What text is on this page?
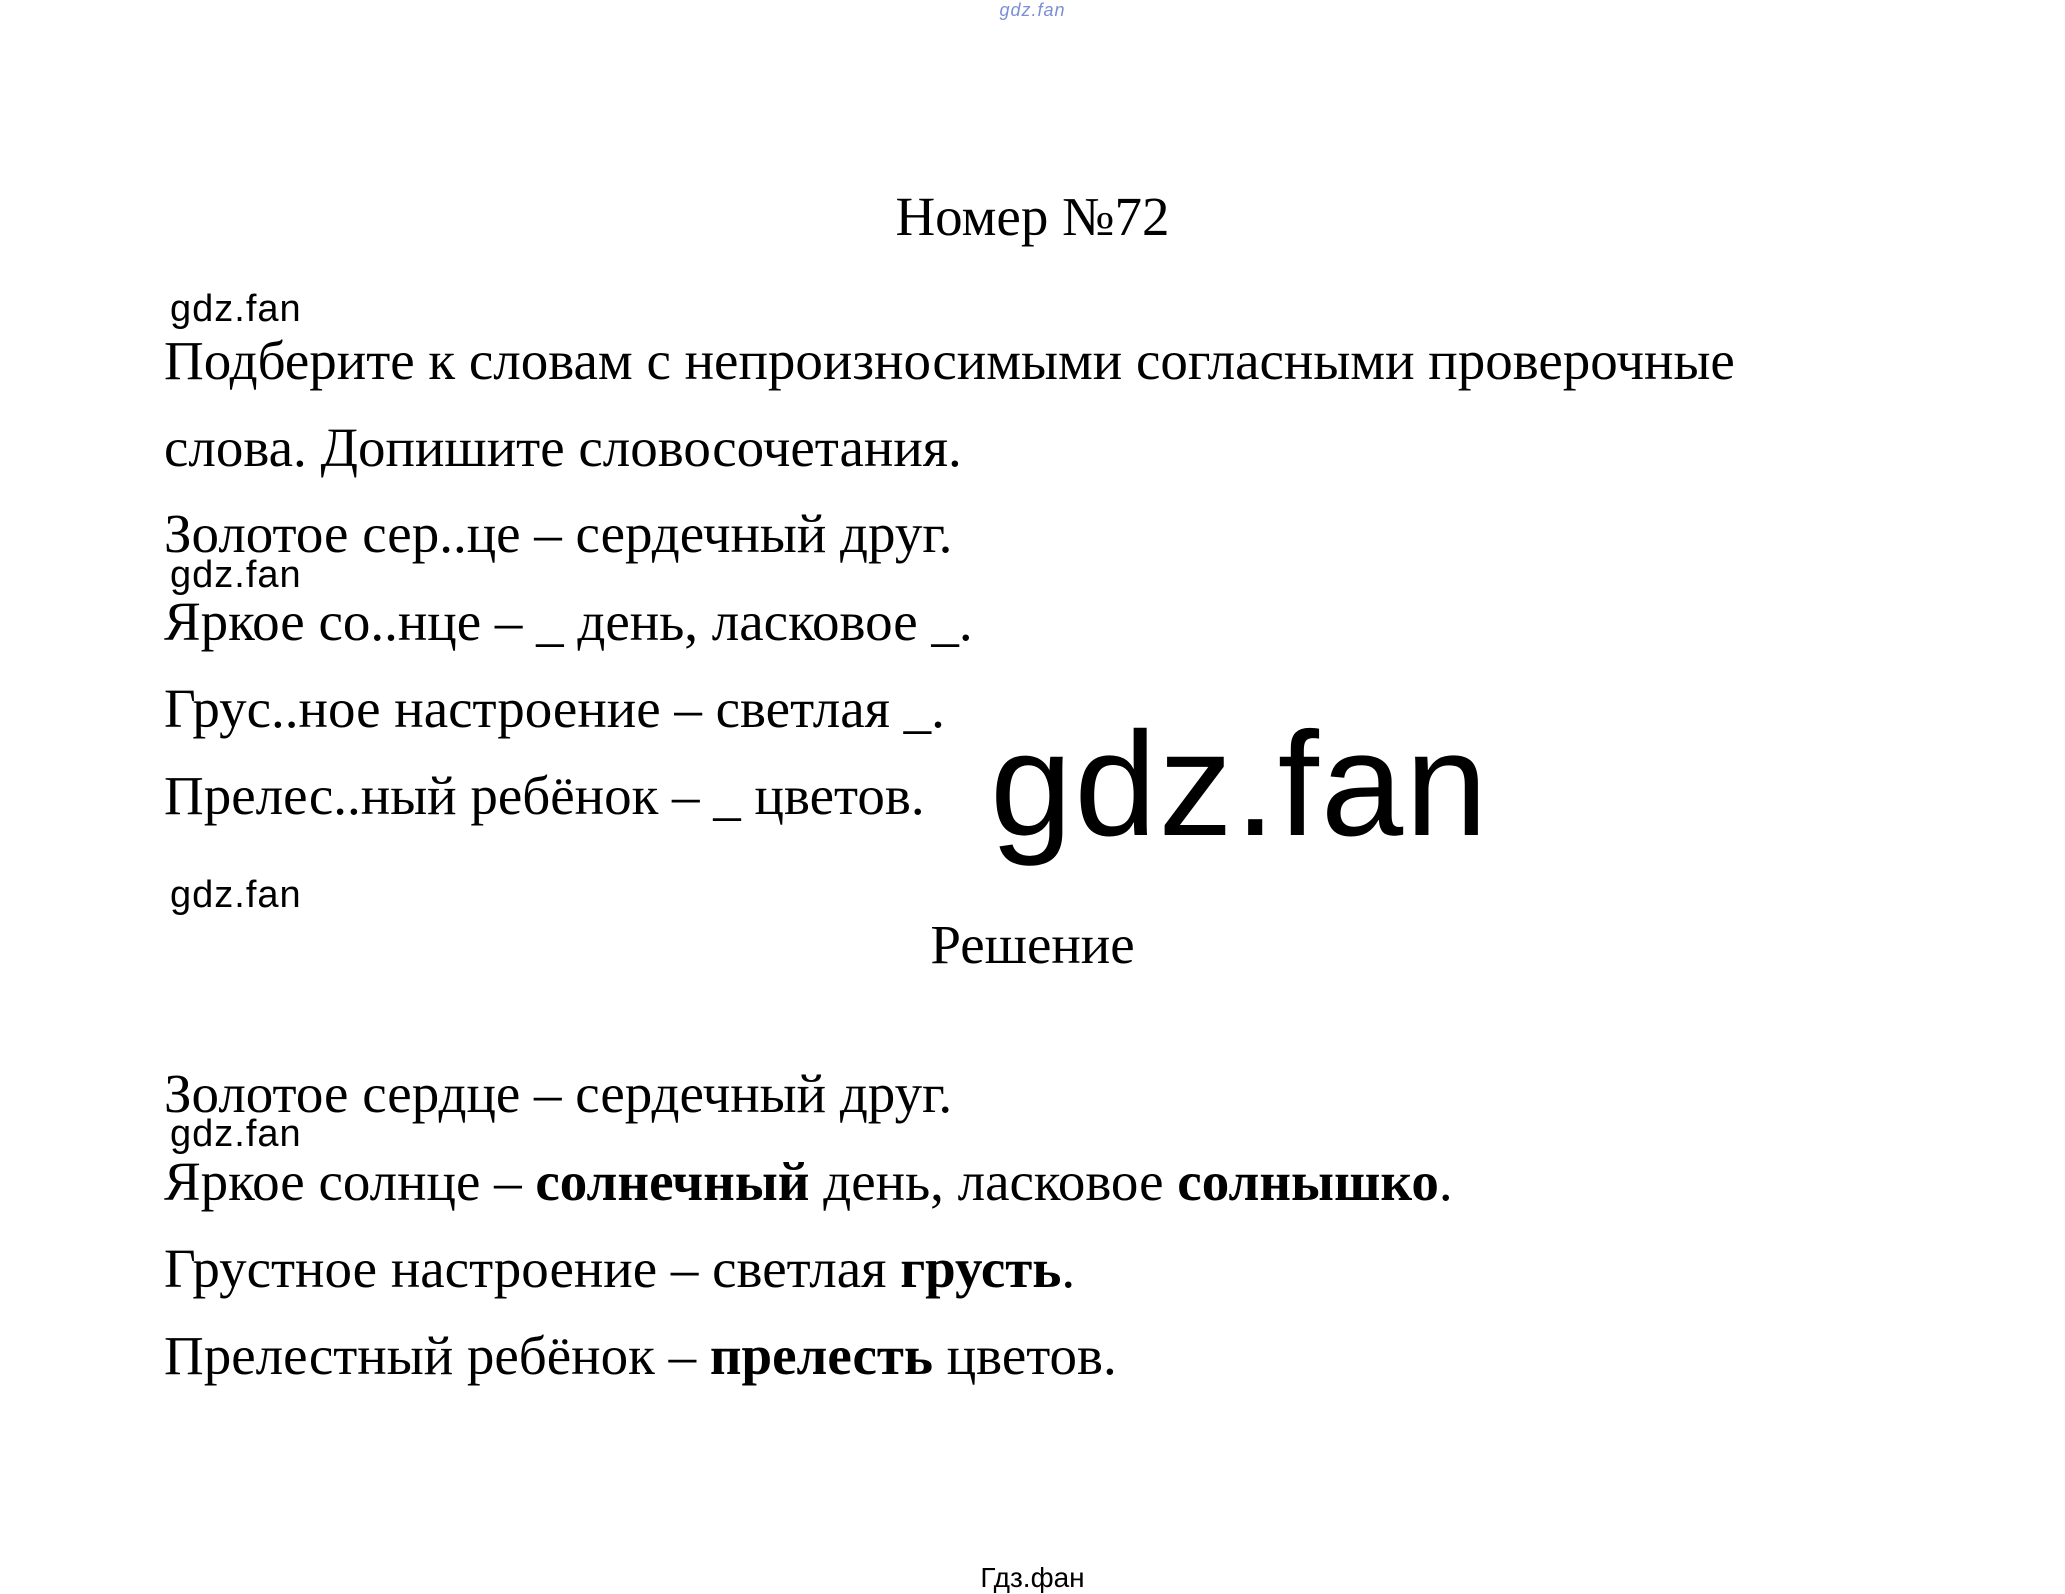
gdz.fan
Номер №72
gdz.fan

Подберите к словам с непроизносимыми согласными проверочные

слова. Допишите словосочетания.

Золотое сер..це – сердечный друг.

gdz.fan

Яркое со..нце – _ день, ласковое _.

Грус..ное настроение – светлая _.

Прелес..ный ребёнок – _ цветов. gdz.fan
gdz.fan
Решение

Золотое сердце – сердечный друг.

gdz.fan

Яркое солнце – солнечный день, ласковое солнышко.

Грустное настроение – светлая грусть.

Прелестный ребёнок – прелесть цветов.

Гдз.фан
